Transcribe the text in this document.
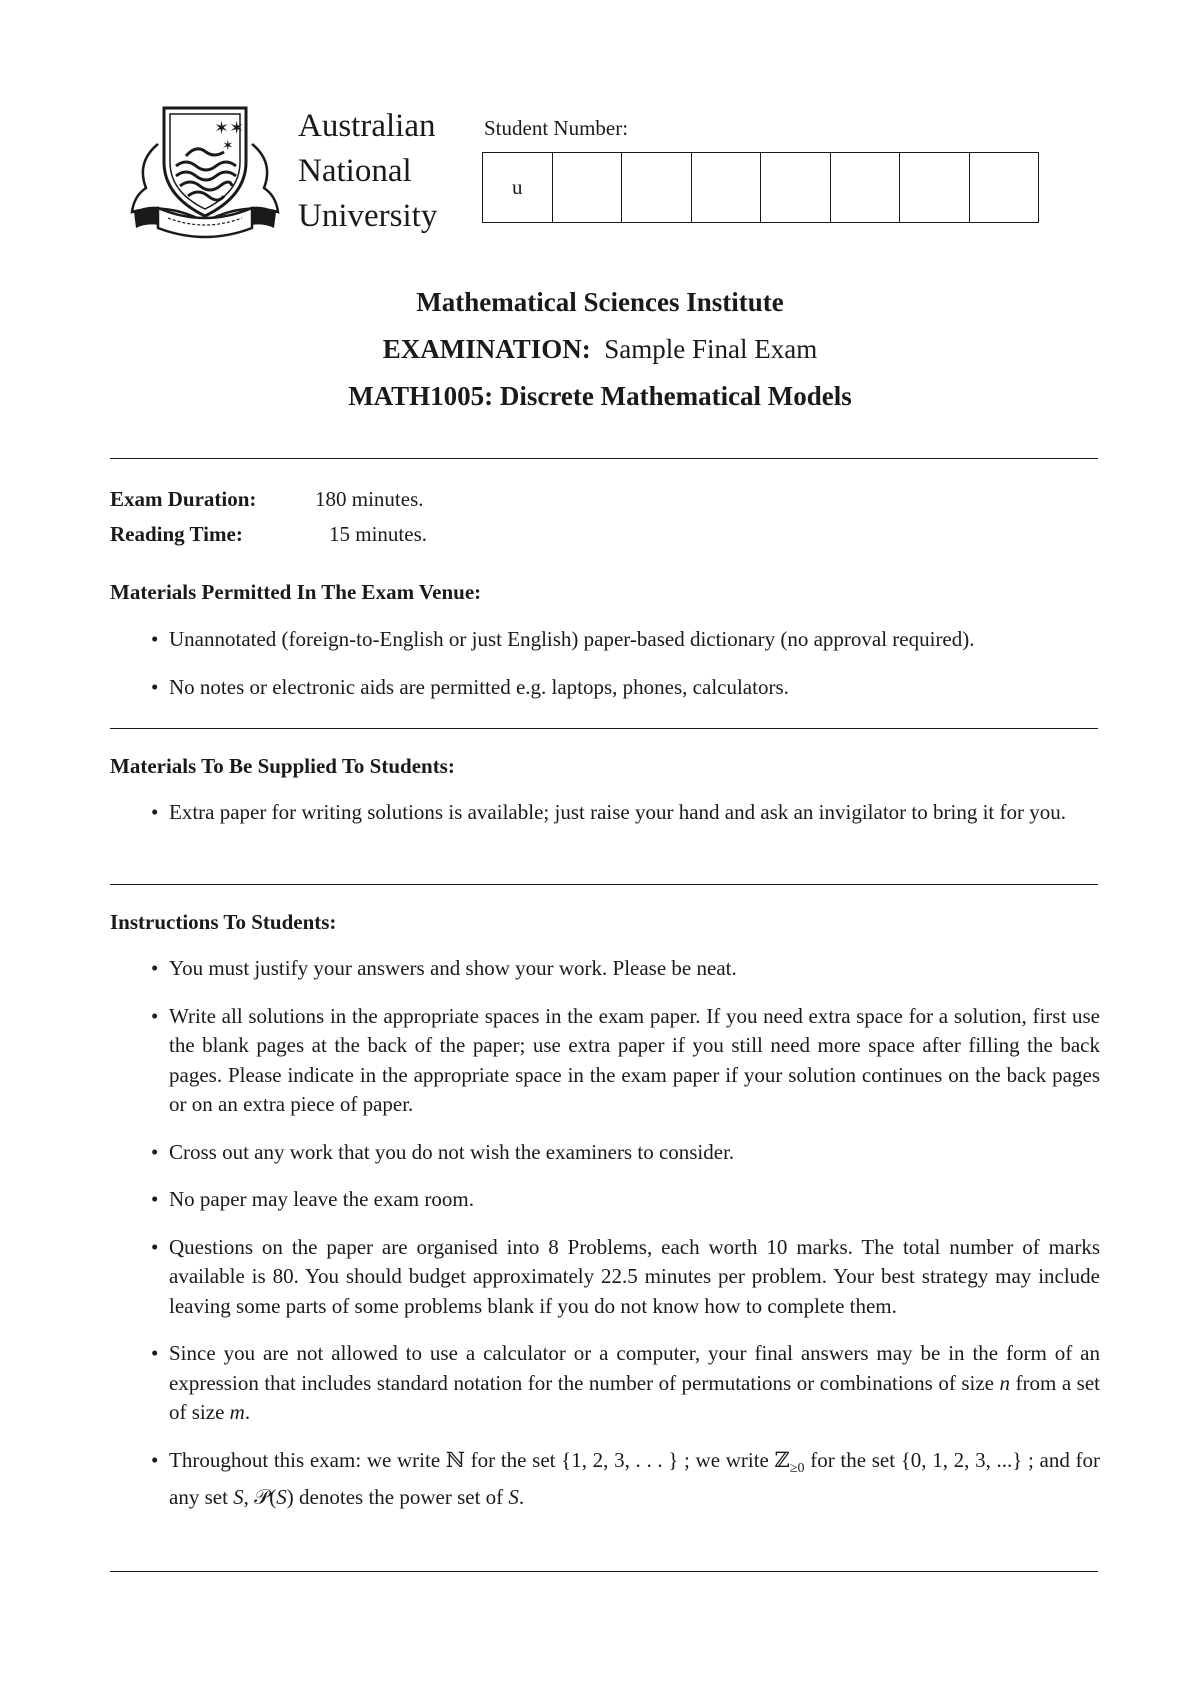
✶✶
✶
Australian
National
University
Student Number:
u
Mathematical Sciences Institute
EXAMINATION: Sample Final Exam
MATH1005: Discrete Mathematical Models
Exam Duration:	180 minutes.
Reading Time:	15 minutes.
Materials Permitted In The Exam Venue:
• Unannotated (foreign-to-English or just English) paper-based dictionary (no approval required).
• No notes or electronic aids are permitted e.g. laptops, phones, calculators.
Materials To Be Supplied To Students:
• Extra paper for writing solutions is available; just raise your hand and ask an invigilator to bring it for you.
Instructions To Students:
• You must justify your answers and show your work. Please be neat.
• Write all solutions in the appropriate spaces in the exam paper. If you need extra space for a solution, first use the blank pages at the back of the paper; use extra paper if you still need more space after filling the back pages. Please indicate in the appropriate space in the exam paper if your solution continues on the back pages or on an extra piece of paper.
• Cross out any work that you do not wish the examiners to consider.
• No paper may leave the exam room.
• Questions on the paper are organised into 8 Problems, each worth 10 marks. The total number of marks available is 80. You should budget approximately 22.5 minutes per problem. Your best strategy may include leaving some parts of some problems blank if you do not know how to complete them.
• Since you are not allowed to use a calculator or a computer, your final answers may be in the form of an expression that includes standard notation for the number of permutations or combinations of size n from a set of size m.
• Throughout this exam: we write ℕ for the set {1, 2, 3, . . . } ; we write ℤ$_{\ge 0}$ for the set {0, 1, 2, 3, ...} ; and for any set S, 𝒫(S) denotes the power set of S.
